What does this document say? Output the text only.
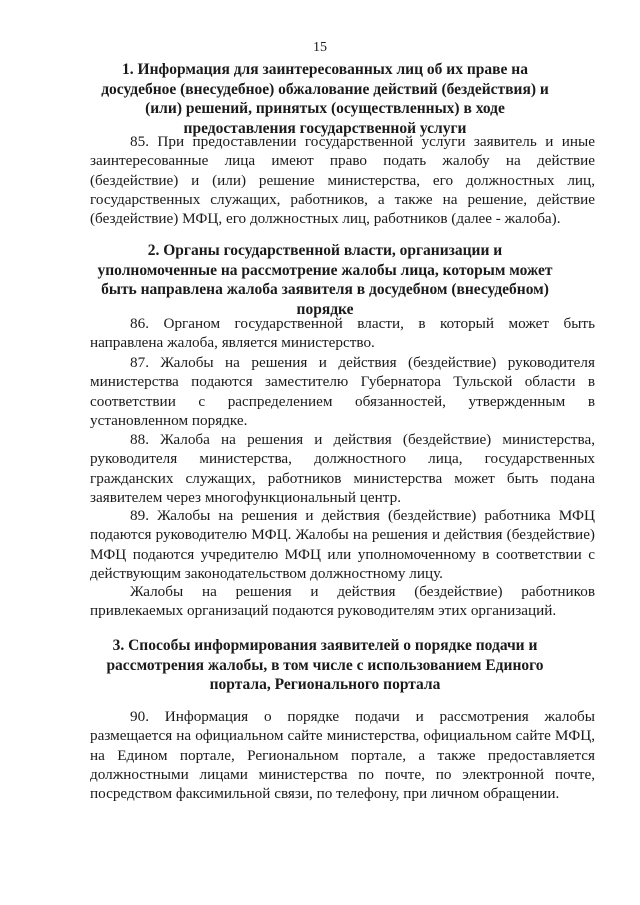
15
1. Информация для заинтересованных лиц об их праве на досудебное (внесудебное) обжалование действий (бездействия) и (или) решений, принятых (осуществленных) в ходе предоставления государственной услуги
85. При предоставлении государственной услуги заявитель и иные заинтересованные лица имеют право подать жалобу на действие (бездействие) и (или) решение министерства, его должностных лиц, государственных служащих, работников, а также на решение, действие (бездействие) МФЦ, его должностных лиц, работников (далее - жалоба).
2. Органы государственной власти, организации и уполномоченные на рассмотрение жалобы лица, которым может быть направлена жалоба заявителя в досудебном (внесудебном) порядке
86. Органом государственной власти, в который может быть направлена жалоба, является министерство.
87. Жалобы на решения и действия (бездействие) руководителя министерства подаются заместителю Губернатора Тульской области в соответствии с распределением обязанностей, утвержденным в установленном порядке.
88. Жалоба на решения и действия (бездействие) министерства, руководителя министерства, должностного лица, государственных гражданских служащих, работников министерства может быть подана заявителем через многофункциональный центр.
89. Жалобы на решения и действия (бездействие) работника МФЦ подаются руководителю МФЦ. Жалобы на решения и действия (бездействие) МФЦ подаются учредителю МФЦ или уполномоченному в соответствии с действующим законодательством должностному лицу.
Жалобы на решения и действия (бездействие) работников привлекаемых организаций подаются руководителям этих организаций.
3. Способы информирования заявителей о порядке подачи и рассмотрения жалобы, в том числе с использованием Единого портала, Регионального портала
90. Информация о порядке подачи и рассмотрения жалобы размещается на официальном сайте министерства, официальном сайте МФЦ, на Едином портале, Региональном портале, а также предоставляется должностными лицами министерства по почте, по электронной почте, посредством факсимильной связи, по телефону, при личном обращении.
